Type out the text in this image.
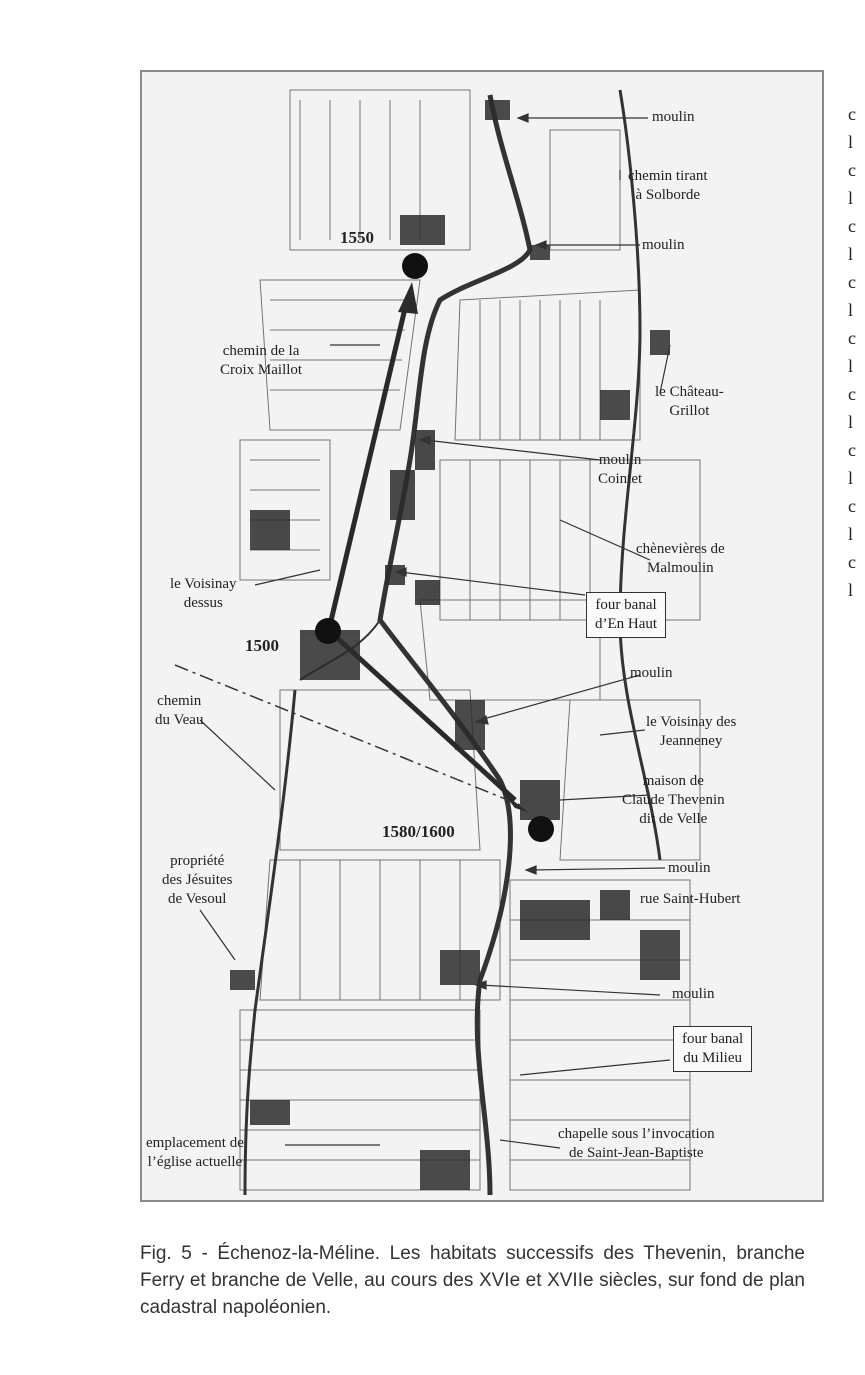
1550
1500
1580/1600
moulin
chemin tirant
à Solborde
moulin
chemin de la
Croix Maillot
le Château-
Grillot
moulin
Cointet
chènevières de
Malmoulin
le Voisinay
dessus	four banal
d’En Haut
moulin
chemin
du Veau	le Voisinay des
Jeanneney
maison de
Claude Thevenin
dit de Velle
moulin
propriété
des Jésuites
de Vesoul	rue Saint-Hubert
moulin
four banal
du Milieu
emplacement de
l’église actuelle
chapelle sous l’invocation
de Saint-Jean-Baptiste
Fig. 5 - Échenoz-la-Méline. Les habitats successifs des Thevenin, branche Ferry et branche de Velle, au cours des XVIe et XVIIe siècles, sur fond de plan cadastral napoléonien.
c
l
c
l
c
l
c
l
c
l
c
l
c
l
c
l
c
l
